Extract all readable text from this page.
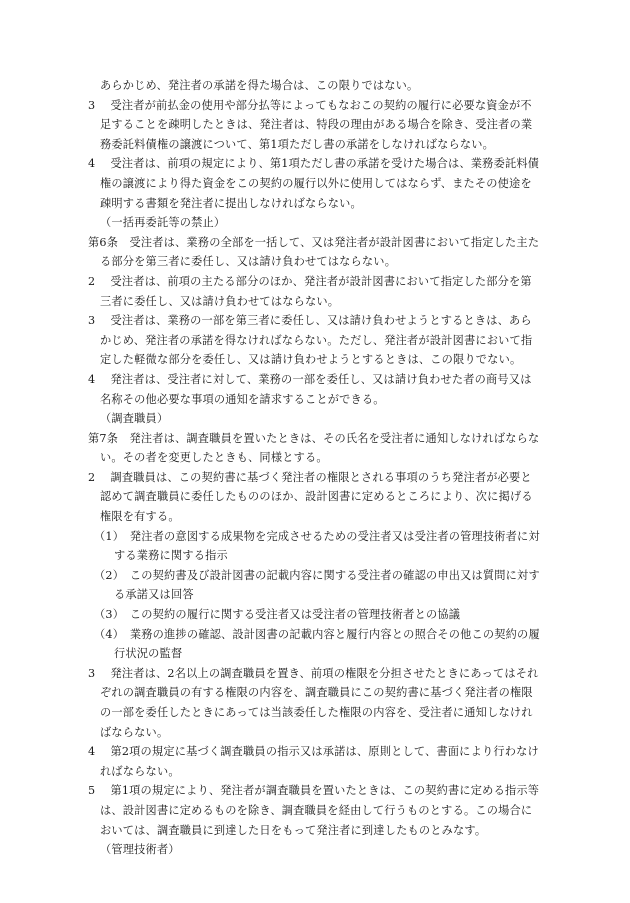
あらかじめ、発注者の承諾を得た場合は、この限りではない。
3　 受注者が前払金の使用や部分払等によってもなおこの契約の履行に必要な資金が不
足することを疎明したときは、発注者は、特段の理由がある場合を除き、受注者の業
務委託料債権の譲渡について、第1項ただし書の承諾をしなければならない。
4　 受注者は、前項の規定により、第1項ただし書の承諾を受けた場合は、業務委託料債
権の譲渡により得た資金をこの契約の履行以外に使用してはならず、またその使途を
疎明する書類を発注者に提出しなければならない。
（一括再委託等の禁止）
第6条　受注者は、業務の全部を一括して、又は発注者が設計図書において指定した主た
る部分を第三者に委任し、又は請け負わせてはならない。
2　 受注者は、前項の主たる部分のほか、発注者が設計図書において指定した部分を第
三者に委任し、又は請け負わせてはならない。
3　 受注者は、業務の一部を第三者に委任し、又は請け負わせようとするときは、あら
かじめ、発注者の承諾を得なければならない。ただし、発注者が設計図書において指
定した軽微な部分を委任し、又は請け負わせようとするときは、この限りでない。
4　 発注者は、受注者に対して、業務の一部を委任し、又は請け負わせた者の商号又は
名称その他必要な事項の通知を請求することができる。
（調査職員）
第7条　発注者は、調査職員を置いたときは、その氏名を受注者に通知しなければならな
い。その者を変更したときも、同様とする。
2　 調査職員は、この契約書に基づく発注者の権限とされる事項のうち発注者が必要と
認めて調査職員に委任したもののほか、設計図書に定めるところにより、次に掲げる
権限を有する。
（1）　発注者の意図する成果物を完成させるための受注者又は受注者の管理技術者に対
する業務に関する指示
（2）　この契約書及び設計図書の記載内容に関する受注者の確認の申出又は質問に対す
る承諾又は回答
（3）　この契約の履行に関する受注者又は受注者の管理技術者との協議
（4）　業務の進捗の確認、設計図書の記載内容と履行内容との照合その他この契約の履
行状況の監督
3　 発注者は、2名以上の調査職員を置き、前項の権限を分担させたときにあってはそれ
ぞれの調査職員の有する権限の内容を、調査職員にこの契約書に基づく発注者の権限
の一部を委任したときにあっては当該委任した権限の内容を、受注者に通知しなけれ
ばならない。
4　 第2項の規定に基づく調査職員の指示又は承諾は、原則として、書面により行わなけ
ればならない。
5　 第1項の規定により、発注者が調査職員を置いたときは、この契約書に定める指示等
は、設計図書に定めるものを除き、調査職員を経由して行うものとする。この場合に
おいては、調査職員に到達した日をもって発注者に到達したものとみなす。
（管理技術者）
